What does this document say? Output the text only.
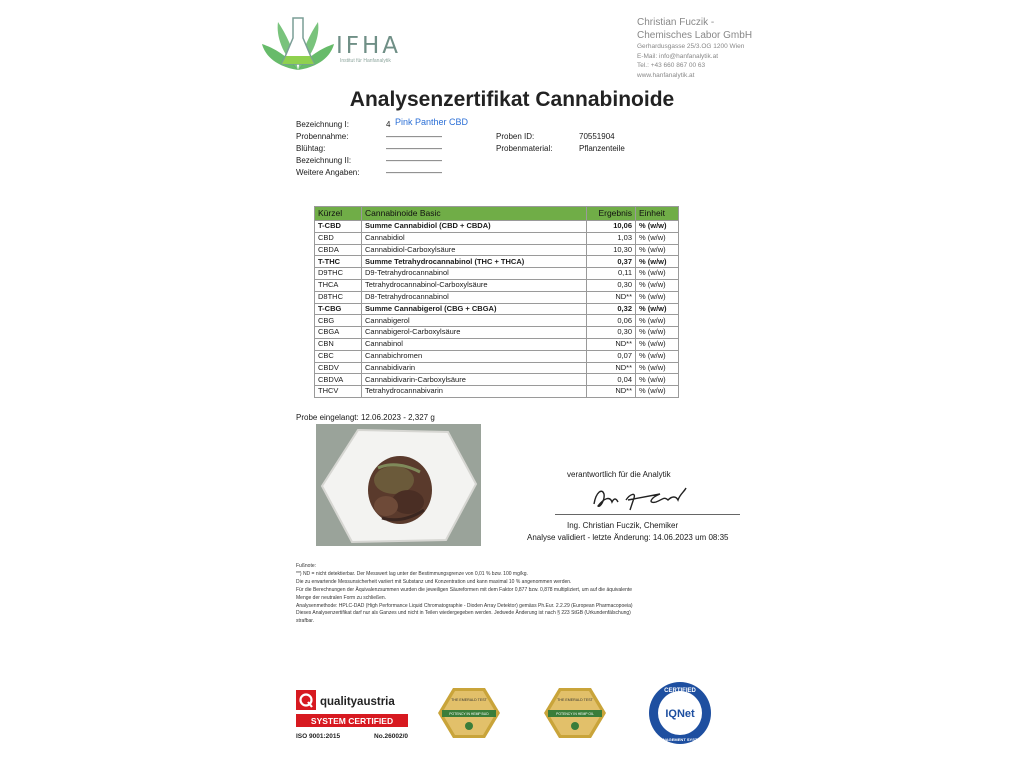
IFHA
Institut für Hanfanalytik
Christian Fuczik -
Chemisches Labor GmbH
Gerhardusgasse 25/3.OG 1200 Wien
E-Mail: info@hanfanalytik.at
Tel.: +43 660 867 00 63
www.hanfanalytik.at
Analysenzertifikat Cannabinoide
Bezeichnung I:	4 Pink Panther CBD
Probennahme:	———————
Blühtag:	———————
Bezeichnung II:	———————
Weitere Angaben:	———————
Proben ID:	70551904
Probenmaterial:	Pflanzenteile
Kürzel	Cannabinoide Basic	Ergebnis	Einheit
T-CBD	Summe Cannabidiol (CBD + CBDA)	10,06	% (w/w)
CBD	Cannabidiol	1,03	% (w/w)
CBDA	Cannabidiol-Carboxylsäure	10,30	% (w/w)
T-THC	Summe Tetrahydrocannabinol (THC + THCA)	0,37	% (w/w)
D9THC	D9-Tetrahydrocannabinol	0,11	% (w/w)
THCA	Tetrahydrocannabinol-Carboxylsäure	0,30	% (w/w)
D8THC	D8-Tetrahydrocannabinol	ND**	% (w/w)
T-CBG	Summe Cannabigerol (CBG + CBGA)	0,32	% (w/w)
CBG	Cannabigerol	0,06	% (w/w)
CBGA	Cannabigerol-Carboxylsäure	0,30	% (w/w)
CBN	Cannabinol	ND**	% (w/w)
CBC	Cannabichromen	0,07	% (w/w)
CBDV	Cannabidivarin	ND**	% (w/w)
CBDVA	Cannabidivarin-Carboxylsäure	0,04	% (w/w)
THCV	Tetrahydrocannabivarin	ND**	% (w/w)
Probe eingelangt: 12.06.2023 - 2,327 g
verantwortlich für die Analytik
Ing. Christian Fuczik, Chemiker
Analyse validiert - letzte Änderung: 14.06.2023 um 08:35
Fußnote:
**) ND = nicht detektierbar. Der Messwert lag unter der Bestimmungsgrenze von 0,01 % bzw. 100 mg/kg.
Die zu erwartende Messunsicherheit variiert mit Substanz und Konzentration und kann maximal 10 % angenommen werden.
Für die Berechnungen der Äquivalenzsummen wurden die jeweiligen Säureformen mit dem Faktor 0,877 bzw. 0,878 multipliziert, um auf die äquivalente
Menge der neutralen Form zu schließen.
Analysenmethode: HPLC-DAD (High Performance Liquid Chromatographie - Dioden Array Detektor) gemäss Ph.Eur. 2.2.29 (European Pharmacopoeia)
Dieses Analysenzertifikat darf nur als Ganzes und nicht in Teilen wiedergegeben werden. Jedwede Änderung ist nach § 223 StGB (Urkundenfälschung)
strafbar.
qualityaustria
SYSTEM CERTIFIED
ISO 9001:2015	No.26002/0
THE EMERALD TEST
POTENCY IN HEMP BUD
THE EMERALD TEST
POTENCY IN HEMP OIL
CERTIFIED
IQNet
MANAGEMENT SYSTEM
